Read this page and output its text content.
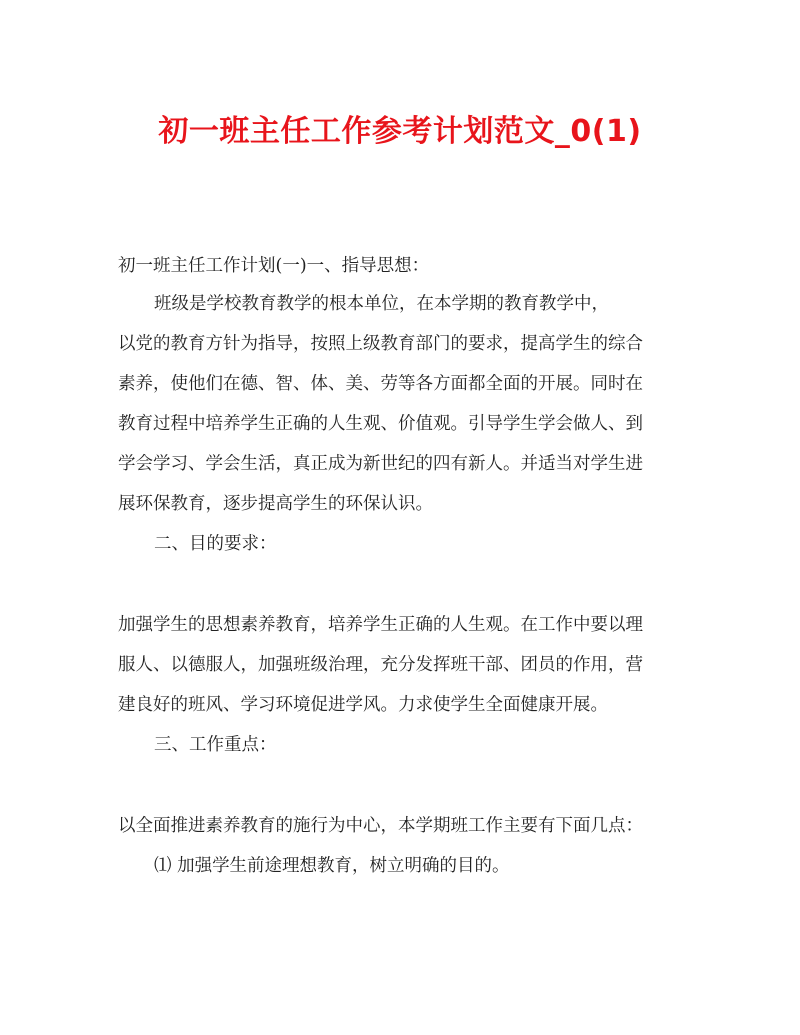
初一班主任工作参考计划范文_0(1)
初一班主任工作计划(一)一、指导思想：
班级是学校教育教学的根本单位，在本学期的教育教学中，
以党的教育方针为指导，按照上级教育部门的要求，提高学生的综合
素养，使他们在德、智、体、美、劳等各方面都全面的开展。同时在
教育过程中培养学生正确的人生观、价值观。引导学生学会做人、到
学会学习、学会生活，真正成为新世纪的四有新人。并适当对学生进
展环保教育，逐步提高学生的环保认识。
二、目的要求：
加强学生的思想素养教育，培养学生正确的人生观。在工作中要以理
服人、以德服人，加强班级治理，充分发挥班干部、团员的作用，营
建良好的班风、学习环境促进学风。力求使学生全面健康开展。
三、工作重点：
以全面推进素养教育的施行为中心，本学期班工作主要有下面几点：
⑴ 加强学生前途理想教育，树立明确的目的。
